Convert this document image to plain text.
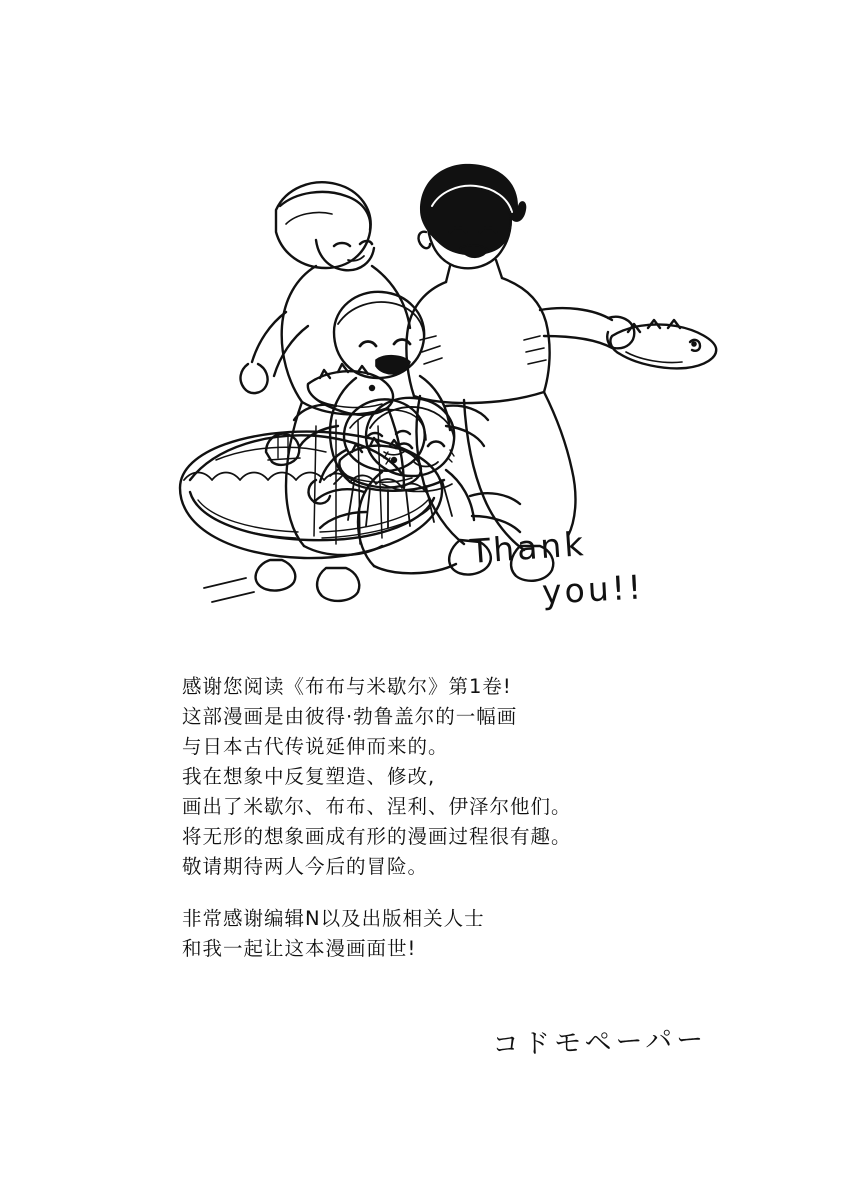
Thank
you!!

感谢您阅读《布布与米歇尔》第1卷!

这部漫画是由彼得·勃鲁盖尔的一幅画

与日本古代传说延伸而来的。

我在想象中反复塑造、修改,

画出了米歇尔、布布、涅利、伊泽尔他们。

将无形的想象画成有形的漫画过程很有趣。

敬请期待两人今后的冒险。

非常感谢编辑N以及出版相关人士

和我一起让这本漫画面世!

コドモペーパー
